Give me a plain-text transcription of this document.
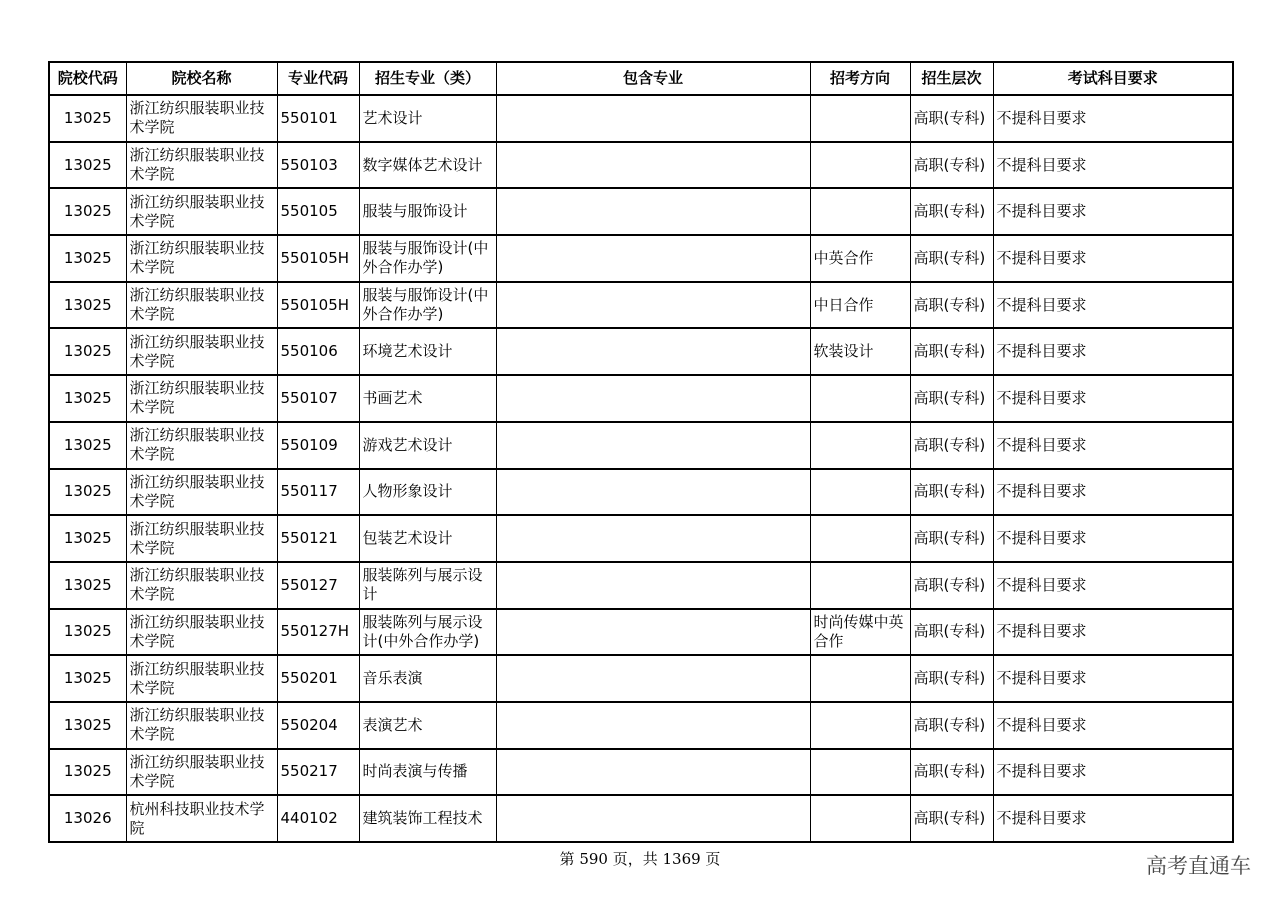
院校代码	院校名称	专业代码	招生专业（类）	包含专业	招考方向	招生层次	考试科目要求

13025	浙江纺织服装职业技术学院	550101	艺术设计			高职(专科)	不提科目要求

13025	浙江纺织服装职业技术学院	550103	数字媒体艺术设计			高职(专科)	不提科目要求

13025	浙江纺织服装职业技术学院	550105	服装与服饰设计			高职(专科)	不提科目要求

13025	浙江纺织服装职业技术学院	550105H	服装与服饰设计(中外合作办学)		中英合作	高职(专科)	不提科目要求

13025	浙江纺织服装职业技术学院	550105H	服装与服饰设计(中外合作办学)		中日合作	高职(专科)	不提科目要求

13025	浙江纺织服装职业技术学院	550106	环境艺术设计		软装设计	高职(专科)	不提科目要求

13025	浙江纺织服装职业技术学院	550107	书画艺术			高职(专科)	不提科目要求

13025	浙江纺织服装职业技术学院	550109	游戏艺术设计			高职(专科)	不提科目要求

13025	浙江纺织服装职业技术学院	550117	人物形象设计			高职(专科)	不提科目要求

13025	浙江纺织服装职业技术学院	550121	包装艺术设计			高职(专科)	不提科目要求

13025	浙江纺织服装职业技术学院	550127	服装陈列与展示设计			高职(专科)	不提科目要求

13025	浙江纺织服装职业技术学院	550127H	服装陈列与展示设计(中外合作办学)		时尚传媒中英合作	高职(专科)	不提科目要求

13025	浙江纺织服装职业技术学院	550201	音乐表演			高职(专科)	不提科目要求

13025	浙江纺织服装职业技术学院	550204	表演艺术			高职(专科)	不提科目要求

13025	浙江纺织服装职业技术学院	550217	时尚表演与传播			高职(专科)	不提科目要求

13026	杭州科技职业技术学院	440102	建筑装饰工程技术			高职(专科)	不提科目要求
第 590 页，共 1369 页	高考直通车
